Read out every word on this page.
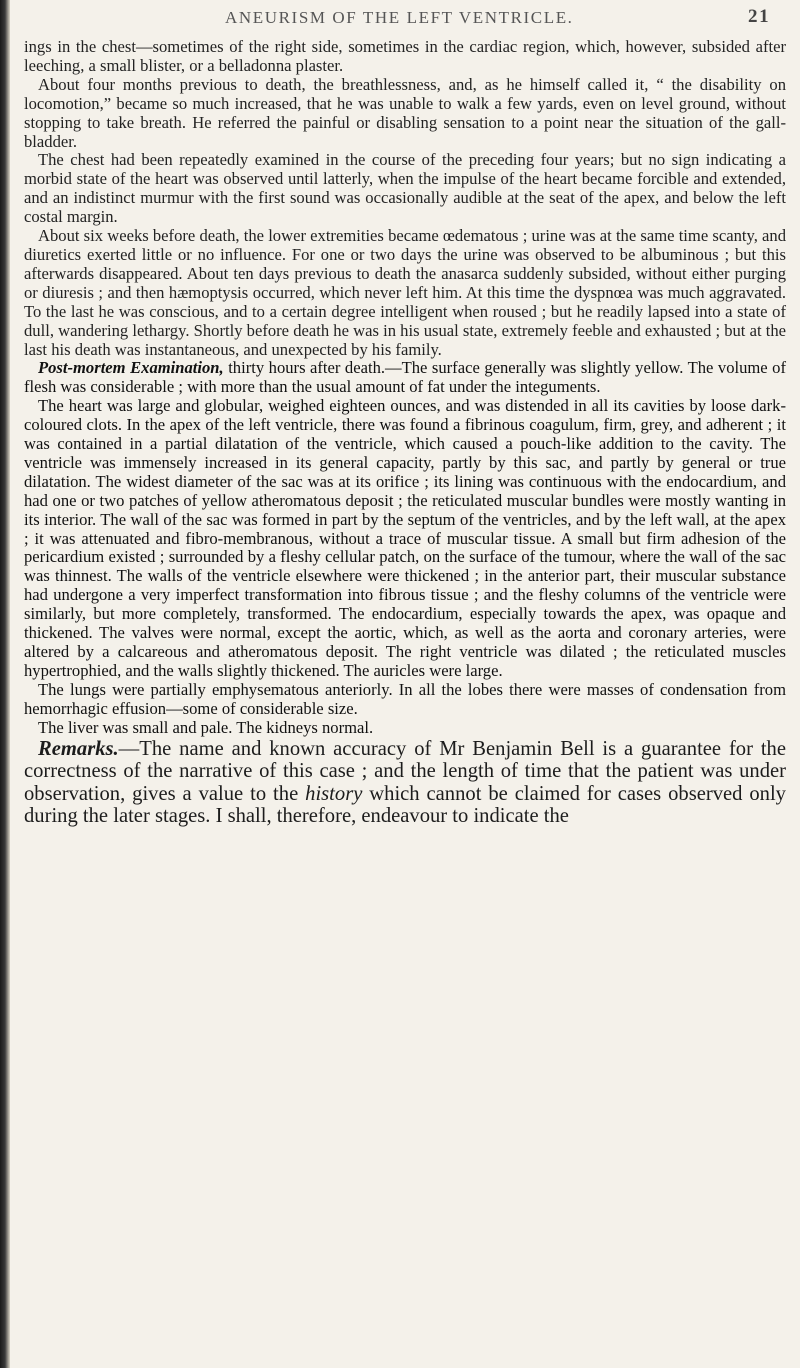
ANEURISM OF THE LEFT VENTRICLE.	21

ings in the chest—sometimes of the right side, sometimes in the cardiac region, which, however, subsided after leeching, a small blister, or a belladonna plaster.

About four months previous to death, the breathlessness, and, as he himself called it, “ the disability on locomotion,” became so much increased, that he was unable to walk a few yards, even on level ground, without stopping to take breath. He referred the painful or disabling sensation to a point near the situation of the gall-bladder.

The chest had been repeatedly examined in the course of the preceding four years; but no sign indicating a morbid state of the heart was observed until latterly, when the impulse of the heart became forcible and extended, and an indistinct murmur with the first sound was occasionally audible at the seat of the apex, and below the left costal margin.

About six weeks before death, the lower extremities became œdematous ; urine was at the same time scanty, and diuretics exerted little or no influence. For one or two days the urine was observed to be albuminous ; but this afterwards disappeared. About ten days previous to death the anasarca suddenly subsided, without either purging or diuresis ; and then hæmoptysis occurred, which never left him. At this time the dyspnœa was much aggravated. To the last he was conscious, and to a certain degree intelligent when roused ; but he readily lapsed into a state of dull, wandering lethargy. Shortly before death he was in his usual state, extremely feeble and exhausted ; but at the last his death was instantaneous, and unexpected by his family.

Post-mortem Examination, thirty hours after death.—The surface generally was slightly yellow. The volume of flesh was considerable ; with more than the usual amount of fat under the integuments.

The heart was large and globular, weighed eighteen ounces, and was distended in all its cavities by loose dark-coloured clots. In the apex of the left ventricle, there was found a fibrinous coagulum, firm, grey, and adherent ; it was contained in a partial dilatation of the ventricle, which caused a pouch-like addition to the cavity. The ventricle was immensely increased in its general capacity, partly by this sac, and partly by general or true dilatation. The widest diameter of the sac was at its orifice ; its lining was continuous with the endocardium, and had one or two patches of yellow atheromatous deposit ; the reticulated muscular bundles were mostly wanting in its interior. The wall of the sac was formed in part by the septum of the ventricles, and by the left wall, at the apex ; it was attenuated and fibro-membranous, without a trace of muscular tissue. A small but firm adhesion of the pericardium existed ; surrounded by a fleshy cellular patch, on the surface of the tumour, where the wall of the sac was thinnest. The walls of the ventricle elsewhere were thickened ; in the anterior part, their muscular substance had undergone a very imperfect transformation into fibrous tissue ; and the fleshy columns of the ventricle were similarly, but more completely, transformed. The endocardium, especially towards the apex, was opaque and thickened. The valves were normal, except the aortic, which, as well as the aorta and coronary arteries, were altered by a calcareous and atheromatous deposit. The right ventricle was dilated ; the reticulated muscles hypertrophied, and the walls slightly thickened. The auricles were large.

The lungs were partially emphysematous anteriorly. In all the lobes there were masses of condensation from hemorrhagic effusion—some of considerable size.

The liver was small and pale. The kidneys normal.

Remarks.—The name and known accuracy of Mr Benjamin Bell is a guarantee for the correctness of the narrative of this case ; and the length of time that the patient was under observation, gives a value to the history which cannot be claimed for cases observed only during the later stages. I shall, therefore, endeavour to indicate the
